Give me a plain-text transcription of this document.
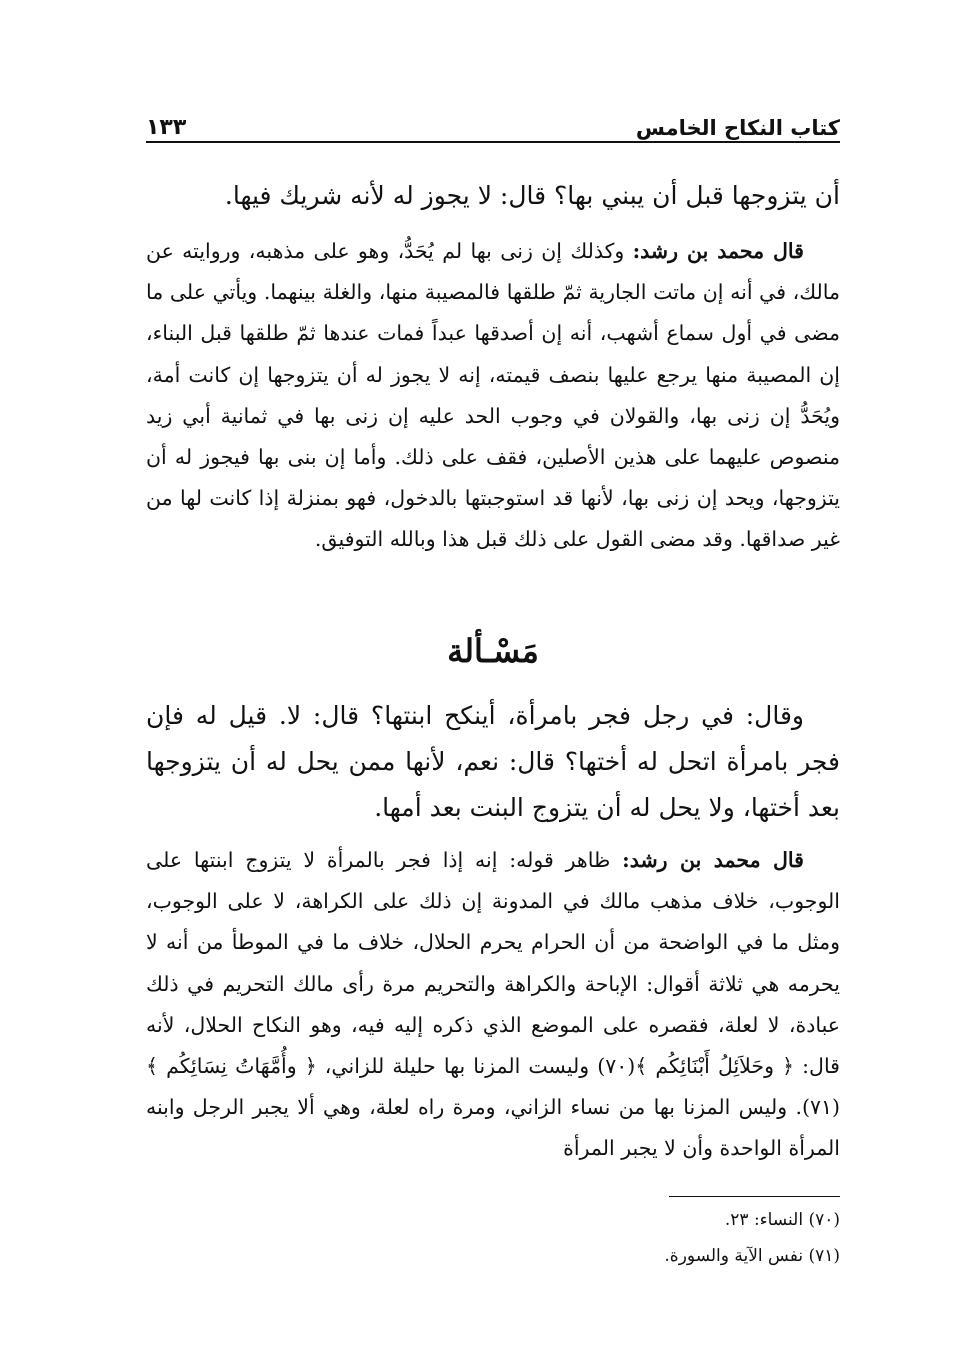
كتاب النكاح الخامس
١٣٣
أن يتزوجها قبل أن يبني بها؟ قال: لا يجوز له لأنه شريك فيها.
قال محمد بن رشد: وكذلك إن زنى بها لم يُحَدُّ، وهو على مذهبه، وروايته عن مالك، في أنه إن ماتت الجارية ثمّ طلقها فالمصيبة منها، والغلة بينهما. ويأتي على ما مضى في أول سماع أشهب، أنه إن أصدقها عبداً فمات عندها ثمّ طلقها قبل البناء، إن المصيبة منها يرجع عليها بنصف قيمته، إنه لا يجوز له أن يتزوجها إن كانت أمة، ويُحَدُّ إن زنى بها، والقولان في وجوب الحد عليه إن زنى بها في ثمانية أبي زيد منصوص عليهما على هذين الأصلين، فقف على ذلك. وأما إن بنى بها فيجوز له أن يتزوجها، ويحد إن زنى بها، لأنها قد استوجبتها بالدخول، فهو بمنزلة إذا كانت لها من غير صداقها. وقد مضى القول على ذلك قبل هذا وبالله التوفيق.
مَسْـألة
وقال: في رجل فجر بامرأة، أينكح ابنتها؟ قال: لا. قيل له فإن فجر بامرأة اتحل له أختها؟ قال: نعم، لأنها ممن يحل له أن يتزوجها بعد أختها، ولا يحل له أن يتزوج البنت بعد أمها.
قال محمد بن رشد: ظاهر قوله: إنه إذا فجر بالمرأة لا يتزوج ابنتها على الوجوب، خلاف مذهب مالك في المدونة إن ذلك على الكراهة، لا على الوجوب، ومثل ما في الواضحة من أن الحرام يحرم الحلال، خلاف ما في الموطأ من أنه لا يحرمه هي ثلاثة أقوال: الإباحة والكراهة والتحريم مرة رأى مالك التحريم في ذلك عبادة، لا لعلة، فقصره على الموضع الذي ذكره إليه فيه، وهو النكاح الحلال، لأنه قال: ﴿ وحَلاَئِلُ أَبْنَائِكُم ﴾(٧٠) وليست المزنا بها حليلة للزاني، ﴿ وأُمَّهَاتُ نِسَائِكُم ﴾(٧١). وليس المزنا بها من نساء الزاني، ومرة راه لعلة، وهي ألا يجبر الرجل وابنه المرأة الواحدة وأن لا يجبر المرأة
(٧٠) النساء: ٢٣.
(٧١) نفس الآية والسورة.
